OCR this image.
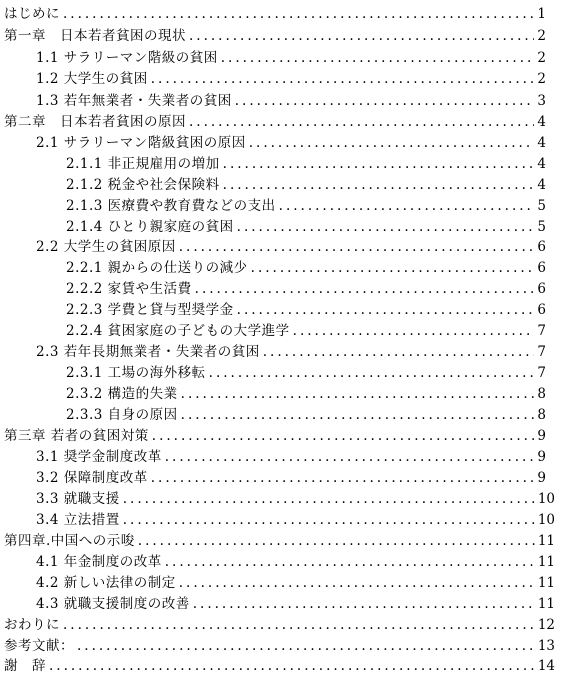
はじめに .....	1
第一章　日本若者貧困の現状 .....	2
1.1 サラリーマン階級の貧困 .....	2
1.2 大学生の貧困 .....	2
1.3 若年無業者・失業者の貧困 .....	3
第二章　日本若者貧困の原因 .....	4
2.1 サラリーマン階級貧困の原因 .....	4
2.1.1 非正規雇用の増加 .....	4
2.1.2 税金や社会保険料 .....	4
2.1.3 医療費や教育費などの支出 .....	5
2.1.4 ひとり親家庭の貧困 .....	5
2.2 大学生の貧困原因 .....	6
2.2.1 親からの仕送りの減少 .....	6
2.2.2 家賃や生活費 .....	6
2.2.3 学費と貸与型奨学金 .....	6
2.2.4 貧困家庭の子どもの大学進学 .....	7
2.3 若年長期無業者・失業者の貧困 .....	7
2.3.1 工場の海外移転 .....	7
2.3.2 構造的失業 .....	8
2.3.3 自身の原因 .....	8
第三章 若者の貧困対策 .....	9
3.1 奨学金制度改革 .....	9
3.2 保障制度改革 .....	9
3.3 就職支援 .....	10
3.4 立法措置 .....	10
第四章.中国への示唆 .....	11
4.1 年金制度の改革 .....	11
4.2 新しい法律の制定 .....	11
4.3 就職支援制度の改善 .....	11
おわりに .....	12
参考文献： .....	13
謝　辞 .....	14
